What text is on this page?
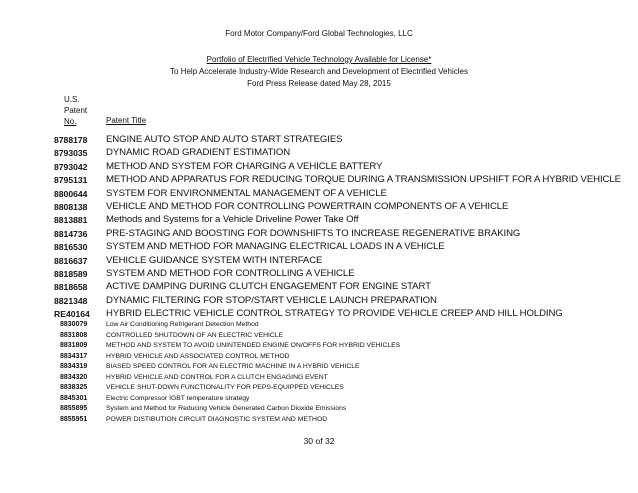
Ford Motor Company/Ford Global Technologies, LLC
Portfolio of Electrified Vehicle Technology Available for License*
To Help Accelerate Industry-Wide Research and Development of Electrified Vehicles
Ford Press Release dated May 28, 2015
U.S.
Patent
No.	Patent Title
8788178	ENGINE AUTO STOP AND AUTO START STRATEGIES
8793035	DYNAMIC ROAD GRADIENT ESTIMATION
8793042	METHOD AND SYSTEM FOR CHARGING A VEHICLE BATTERY
8795131	METHOD AND APPARATUS FOR REDUCING TORQUE DURING A TRANSMISSION UPSHIFT FOR A HYBRID VEHICLE
8800644	SYSTEM FOR ENVIRONMENTAL MANAGEMENT OF A VEHICLE
8808138	VEHICLE AND METHOD FOR CONTROLLING POWERTRAIN COMPONENTS OF A VEHICLE
8813881	Methods and Systems for a Vehicle Driveline Power Take Off
8814736	PRE-STAGING AND BOOSTING FOR DOWNSHIFTS TO INCREASE REGENERATIVE BRAKING
8816530	SYSTEM AND METHOD FOR MANAGING ELECTRICAL LOADS IN A VEHICLE
8816637	VEHICLE GUIDANCE SYSTEM WITH INTERFACE
8818589	SYSTEM AND METHOD FOR CONTROLLING A VEHICLE
8818658	ACTIVE DAMPING DURING CLUTCH ENGAGEMENT FOR ENGINE START
8821348	DYNAMIC FILTERING FOR STOP/START VEHICLE LAUNCH PREPARATION
RE40164	HYBRID ELECTRIC VEHICLE CONTROL STRATEGY TO PROVIDE VEHICLE CREEP AND HILL HOLDING
8830079	Low Air Conditioning Refrigerant Detection Method
8831808	CONTROLLED SHUTDOWN OF AN ELECTRIC VEHICLE
8831809	METHOD AND SYSTEM TO AVOID UNINTENDED ENGINE ON/OFFS FOR HYBRID VEHICLES
8834317	HYBRID VEHICLE AND ASSOCIATED CONTROL METHOD
8834319	BIASED SPEED CONTROL FOR AN ELECTRIC MACHINE IN A HYBRID VEHICLE
8834320	HYBRID VEHICLE AND CONTROL FOR A CLUTCH ENGAGING EVENT
8838325	VEHICLE SHUT-DOWN FUNCTIONALITY FOR PEPS-EQUIPPED VEHICLES
8845301	Electric Compressor IGBT temperature strategy
8855895	System and Method for Reducing Vehicle Generated Carbon Dioxide Emissions
8855951	POWER DISTIBUTION CIRCUIT DIAGNOSTIC SYSTEM AND METHOD
30 of 32
